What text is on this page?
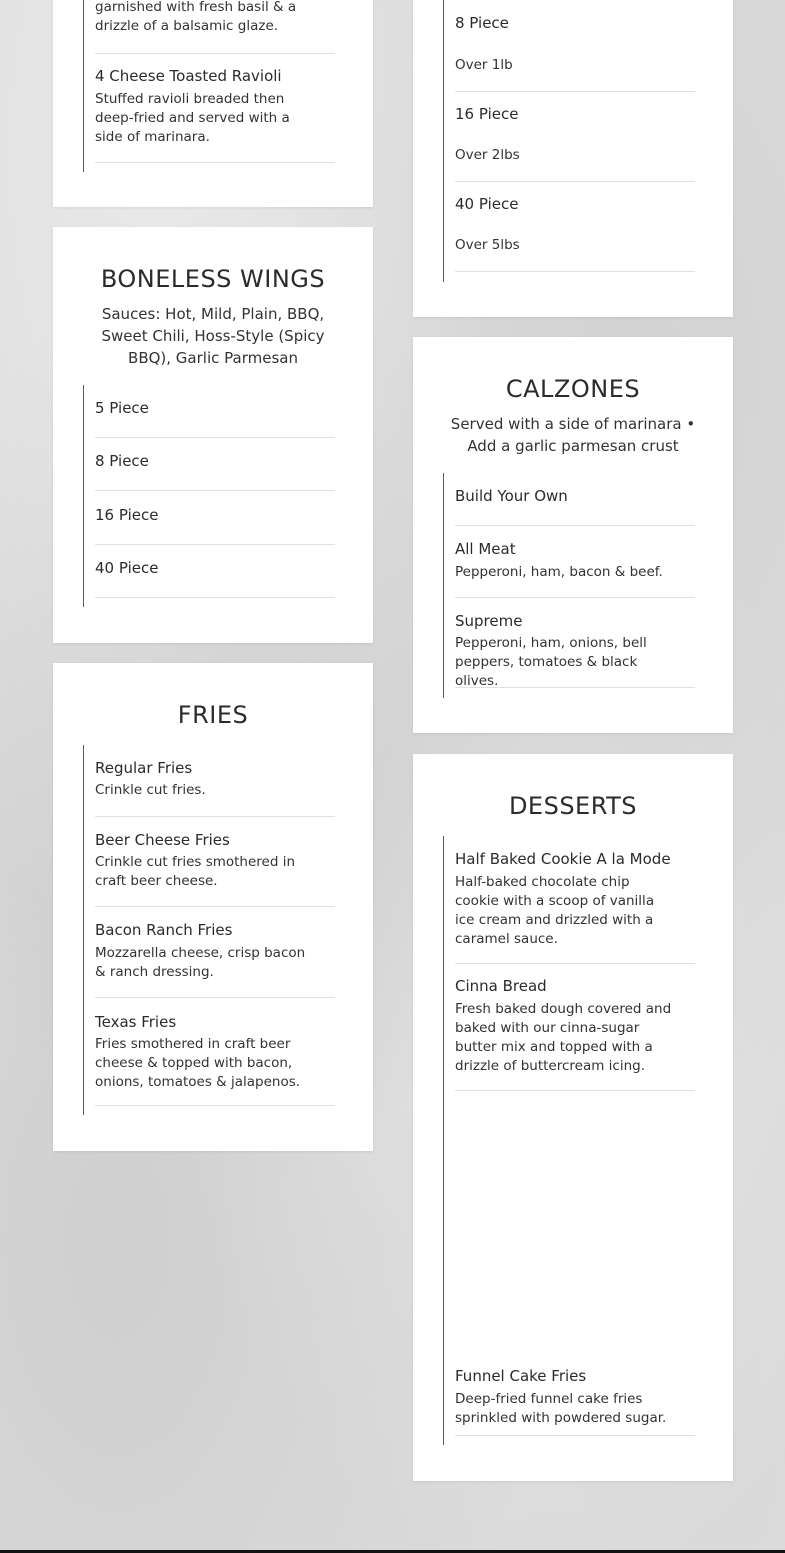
garnished with fresh basil & a drizzle of a balsamic glaze.
4 Cheese Toasted Ravioli
Stuffed ravioli breaded then deep-fried and served with a side of marinara.
BONELESS WINGS
Sauces: Hot, Mild, Plain, BBQ, Sweet Chili, Hoss-Style (Spicy BBQ), Garlic Parmesan
5 Piece
8 Piece
16 Piece
40 Piece
FRIES
Regular Fries
Crinkle cut fries.
Beer Cheese Fries
Crinkle cut fries smothered in craft beer cheese.
Bacon Ranch Fries
Mozzarella cheese, crisp bacon & ranch dressing.
Texas Fries
Fries smothered in craft beer cheese & topped with bacon, onions, tomatoes & jalapenos.
8 Piece
Over 1lb
16 Piece
Over 2lbs
40 Piece
Over 5lbs
CALZONES
Served with a side of marinara • Add a garlic parmesan crust
Build Your Own
All Meat
Pepperoni, ham, bacon & beef.
Supreme
Pepperoni, ham, onions, bell peppers, tomatoes & black olives.
DESSERTS
Half Baked Cookie A la Mode
Half-baked chocolate chip cookie with a scoop of vanilla ice cream and drizzled with a caramel sauce.
Cinna Bread
Fresh baked dough covered and baked with our cinna-sugar butter mix and topped with a drizzle of buttercream icing.
Funnel Cake Fries
Deep-fried funnel cake fries sprinkled with powdered sugar.
